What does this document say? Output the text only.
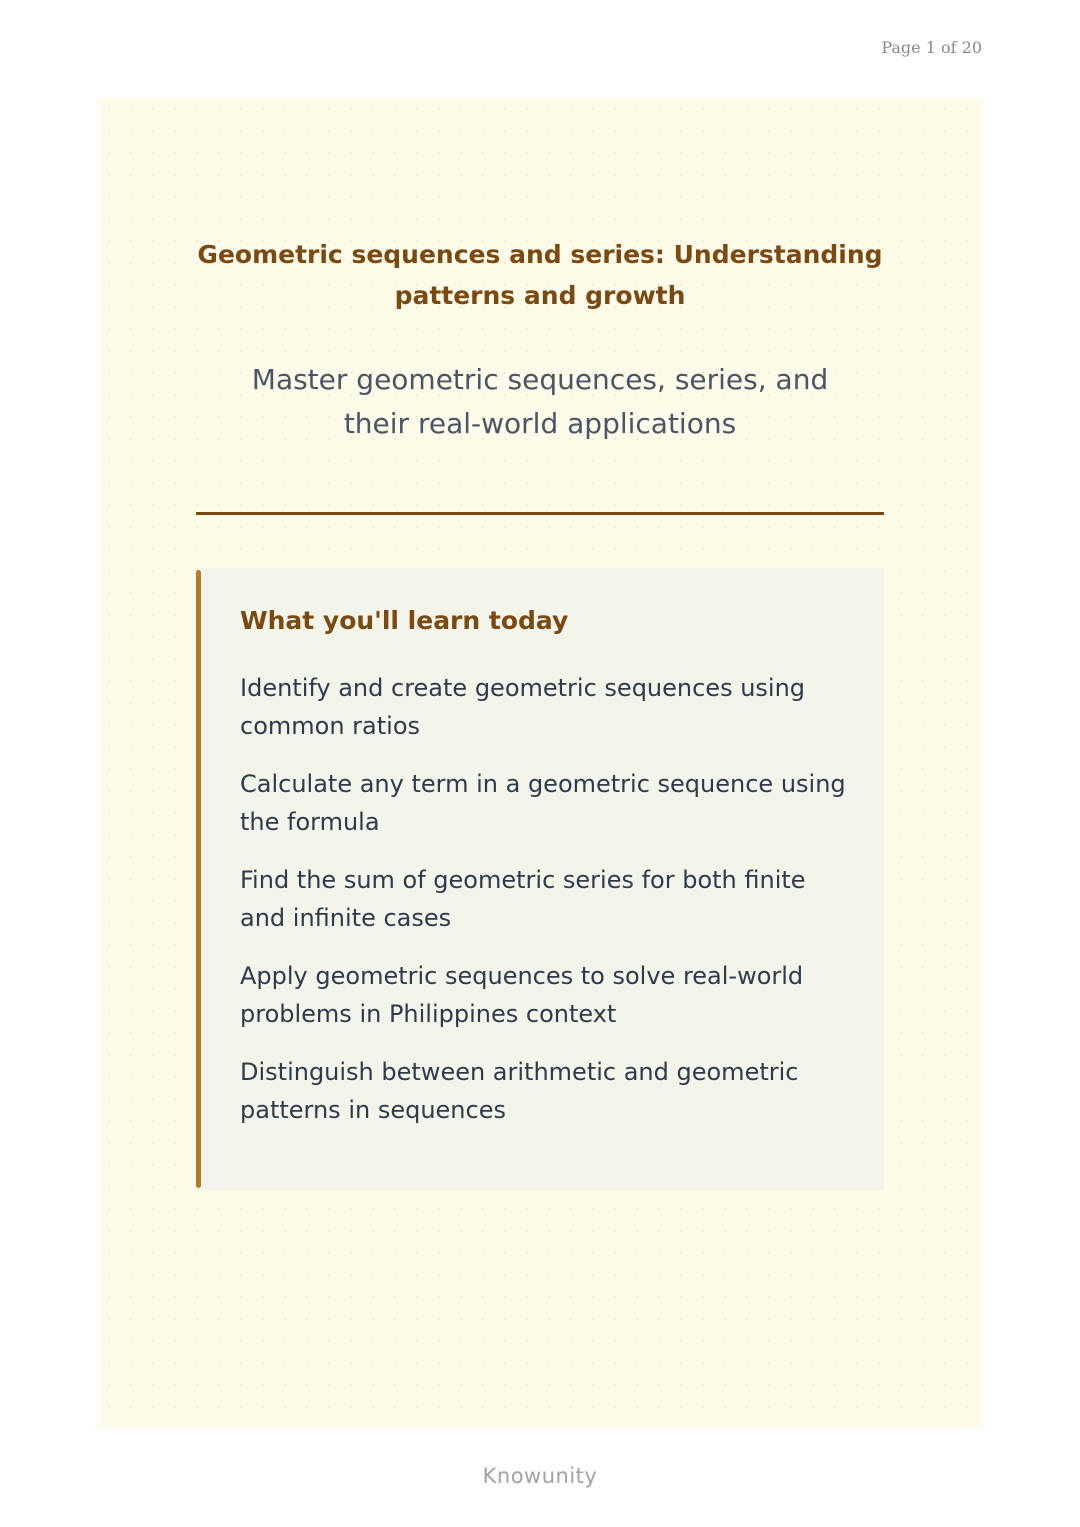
Page 1 of 20
Geometric sequences and series: Understanding
patterns and growth
Master geometric sequences, series, and
their real-world applications
What you'll learn today
Identify and create geometric sequences using
common ratios
Calculate any term in a geometric sequence using
the formula
Find the sum of geometric series for both finite
and infinite cases
Apply geometric sequences to solve real-world
problems in Philippines context
Distinguish between arithmetic and geometric
patterns in sequences
Knowunity
